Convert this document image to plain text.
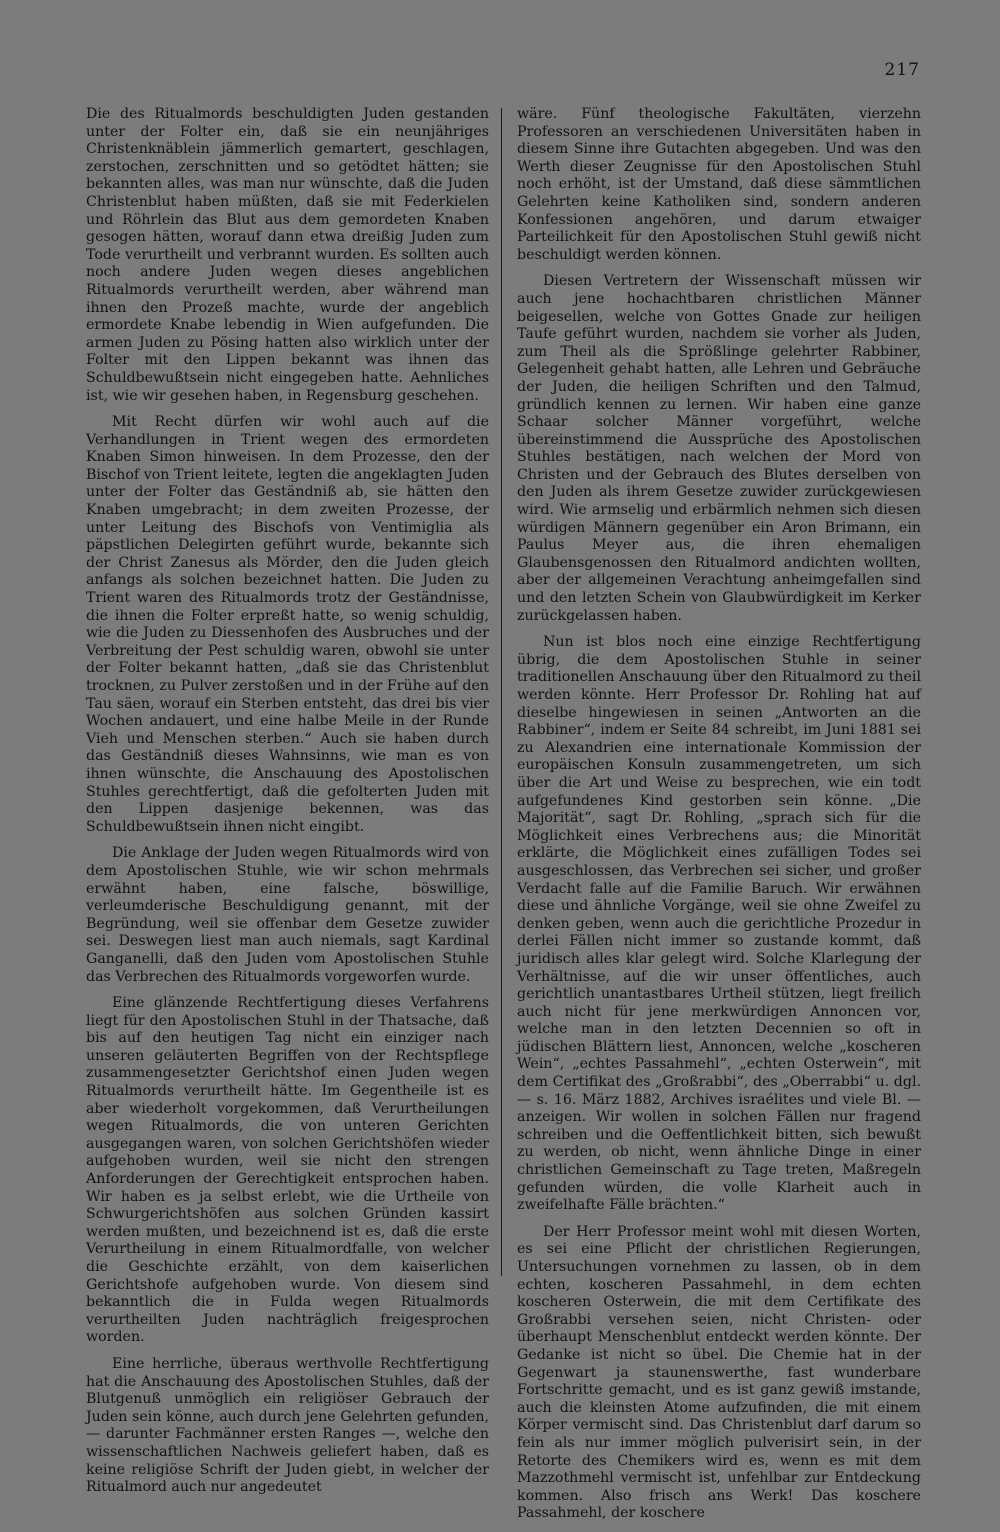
217

Die des Ritualmords beschuldigten Juden gestanden unter der Folter ein, daß sie ein neunjähriges Christenknäblein jämmerlich gemartert, geschlagen, zerstochen, zerschnitten und so getödtet hätten; sie bekannten alles, was man nur wünschte, daß die Juden Christenblut haben müßten, daß sie mit Federkielen und Röhrlein das Blut aus dem gemordeten Knaben gesogen hätten, worauf dann etwa dreißig Juden zum Tode verurtheilt und verbrannt wurden. Es sollten auch noch andere Juden wegen dieses angeblichen Ritualmords verurtheilt werden, aber während man ihnen den Prozeß machte, wurde der angeblich ermordete Knabe lebendig in Wien aufgefunden. Die armen Juden zu Pösing hatten also wirklich unter der Folter mit den Lippen bekannt was ihnen das Schuldbewußtsein nicht eingegeben hatte. Aehnliches ist, wie wir gesehen haben, in Regensburg geschehen.

Mit Recht dürfen wir wohl auch auf die Verhandlungen in Trient wegen des ermordeten Knaben Simon hinweisen. In dem Prozesse, den der Bischof von Trient leitete, legten die angeklagten Juden unter der Folter das Geständniß ab, sie hätten den Knaben umgebracht; in dem zweiten Prozesse, der unter Leitung des Bischofs von Ventimiglia als päpstlichen Delegirten geführt wurde, bekannte sich der Christ Zanesus als Mörder, den die Juden gleich anfangs als solchen bezeichnet hatten. Die Juden zu Trient waren des Ritualmords trotz der Geständnisse, die ihnen die Folter erpreßt hatte, so wenig schuldig, wie die Juden zu Diessenhofen des Ausbruches und der Verbreitung der Pest schuldig waren, obwohl sie unter der Folter bekannt hatten, „daß sie das Christenblut trocknen, zu Pulver zerstoßen und in der Frühe auf den Tau säen, worauf ein Sterben entsteht, das drei bis vier Wochen andauert, und eine halbe Meile in der Runde Vieh und Menschen sterben.“ Auch sie haben durch das Geständniß dieses Wahnsinns, wie man es von ihnen wünschte, die Anschauung des Apostolischen Stuhles gerechtfertigt, daß die gefolterten Juden mit den Lippen dasjenige bekennen, was das Schuldbewußtsein ihnen nicht eingibt.

Die Anklage der Juden wegen Ritualmords wird von dem Apostolischen Stuhle, wie wir schon mehrmals erwähnt haben, eine falsche, böswillige, verleumderische Beschuldigung genannt, mit der Begründung, weil sie offenbar dem Gesetze zuwider sei. Deswegen liest man auch niemals, sagt Kardinal Ganganelli, daß den Juden vom Apostolischen Stuhle das Verbrechen des Ritualmords vorgeworfen wurde.

Eine glänzende Rechtfertigung dieses Verfahrens liegt für den Apostolischen Stuhl in der Thatsache, daß bis auf den heutigen Tag nicht ein einziger nach unseren geläuterten Begriffen von der Rechtspflege zusammengesetzter Gerichtshof einen Juden wegen Ritualmords verurtheilt hätte. Im Gegentheile ist es aber wiederholt vorgekommen, daß Verurtheilungen wegen Ritualmords, die von unteren Gerichten ausgegangen waren, von solchen Gerichtshöfen wieder aufgehoben wurden, weil sie nicht den strengen Anforderungen der Gerechtigkeit entsprochen haben. Wir haben es ja selbst erlebt, wie die Urtheile von Schwurgerichtshöfen aus solchen Gründen kassirt werden mußten, und bezeichnend ist es, daß die erste Verurtheilung in einem Ritualmordfalle, von welcher die Geschichte erzählt, von dem kaiserlichen Gerichtshofe aufgehoben wurde. Von diesem sind bekanntlich die in Fulda wegen Ritualmords verurtheilten Juden nachträglich freigesprochen worden.

Eine herrliche, überaus werthvolle Rechtfertigung hat die Anschauung des Apostolischen Stuhles, daß der Blutgenuß unmöglich ein religiöser Gebrauch der Juden sein könne, auch durch jene Gelehrten gefunden, — darunter Fachmänner ersten Ranges —, welche den wissenschaftlichen Nachweis geliefert haben, daß es keine religiöse Schrift der Juden giebt, in welcher der Ritualmord auch nur angedeutet

wäre. Fünf theologische Fakultäten, vierzehn Professoren an verschiedenen Universitäten haben in diesem Sinne ihre Gutachten abgegeben. Und was den Werth dieser Zeugnisse für den Apostolischen Stuhl noch erhöht, ist der Umstand, daß diese sämmtlichen Gelehrten keine Katholiken sind, sondern anderen Konfessionen angehören, und darum etwaiger Parteilichkeit für den Apostolischen Stuhl gewiß nicht beschuldigt werden können.

Diesen Vertretern der Wissenschaft müssen wir auch jene hochachtbaren christlichen Männer beigesellen, welche von Gottes Gnade zur heiligen Taufe geführt wurden, nachdem sie vorher als Juden, zum Theil als die Sprößlinge gelehrter Rabbiner, Gelegenheit gehabt hatten, alle Lehren und Gebräuche der Juden, die heiligen Schriften und den Talmud, gründlich kennen zu lernen. Wir haben eine ganze Schaar solcher Männer vorgeführt, welche übereinstimmend die Aussprüche des Apostolischen Stuhles bestätigen, nach welchen der Mord von Christen und der Gebrauch des Blutes derselben von den Juden als ihrem Gesetze zuwider zurückgewiesen wird. Wie armselig und erbärmlich nehmen sich diesen würdigen Männern gegenüber ein Aron Brimann, ein Paulus Meyer aus, die ihren ehemaligen Glaubensgenossen den Ritualmord andichten wollten, aber der allgemeinen Verachtung anheimgefallen sind und den letzten Schein von Glaubwürdigkeit im Kerker zurückgelassen haben.

Nun ist blos noch eine einzige Rechtfertigung übrig, die dem Apostolischen Stuhle in seiner traditionellen Anschauung über den Ritualmord zu theil werden könnte. Herr Professor Dr. Rohling hat auf dieselbe hingewiesen in seinen „Antworten an die Rabbiner“, indem er Seite 84 schreibt, im Juni 1881 sei zu Alexandrien eine internationale Kommission der europäischen Konsuln zusammengetreten, um sich über die Art und Weise zu besprechen, wie ein todt aufgefundenes Kind gestorben sein könne. „Die Majorität“, sagt Dr. Rohling, „sprach sich für die Möglichkeit eines Verbrechens aus; die Minorität erklärte, die Möglichkeit eines zufälligen Todes sei ausgeschlossen, das Verbrechen sei sicher, und großer Verdacht falle auf die Familie Baruch. Wir erwähnen diese und ähnliche Vorgänge, weil sie ohne Zweifel zu denken geben, wenn auch die gerichtliche Prozedur in derlei Fällen nicht immer so zustande kommt, daß juridisch alles klar gelegt wird. Solche Klarlegung der Verhältnisse, auf die wir unser öffentliches, auch gerichtlich unantastbares Urtheil stützen, liegt freilich auch nicht für jene merkwürdigen Annoncen vor, welche man in den letzten Decennien so oft in jüdischen Blättern liest, Annoncen, welche „koscheren Wein“, „echtes Passahmehl“, „echten Osterwein“, mit dem Certifikat des „Großrabbi“, des „Oberrabbi“ u. dgl. — s. 16. März 1882, Archives israélites und viele Bl. — anzeigen. Wir wollen in solchen Fällen nur fragend schreiben und die Oeffentlichkeit bitten, sich bewußt zu werden, ob nicht, wenn ähnliche Dinge in einer christlichen Gemeinschaft zu Tage treten, Maßregeln gefunden würden, die volle Klarheit auch in zweifelhafte Fälle brächten.“

Der Herr Professor meint wohl mit diesen Worten, es sei eine Pflicht der christlichen Regierungen, Untersuchungen vornehmen zu lassen, ob in dem echten, koscheren Passahmehl, in dem echten koscheren Osterwein, die mit dem Certifikate des Großrabbi versehen seien, nicht Christen- oder überhaupt Menschenblut entdeckt werden könnte. Der Gedanke ist nicht so übel. Die Chemie hat in der Gegenwart ja staunenswerthe, fast wunderbare Fortschritte gemacht, und es ist ganz gewiß imstande, auch die kleinsten Atome aufzufinden, die mit einem Körper vermischt sind. Das Christenblut darf darum so fein als nur immer möglich pulverisirt sein, in der Retorte des Chemikers wird es, wenn es mit dem Mazzothmehl vermischt ist, unfehlbar zur Entdeckung kommen. Also frisch ans Werk! Das koschere Passahmehl, der koschere
